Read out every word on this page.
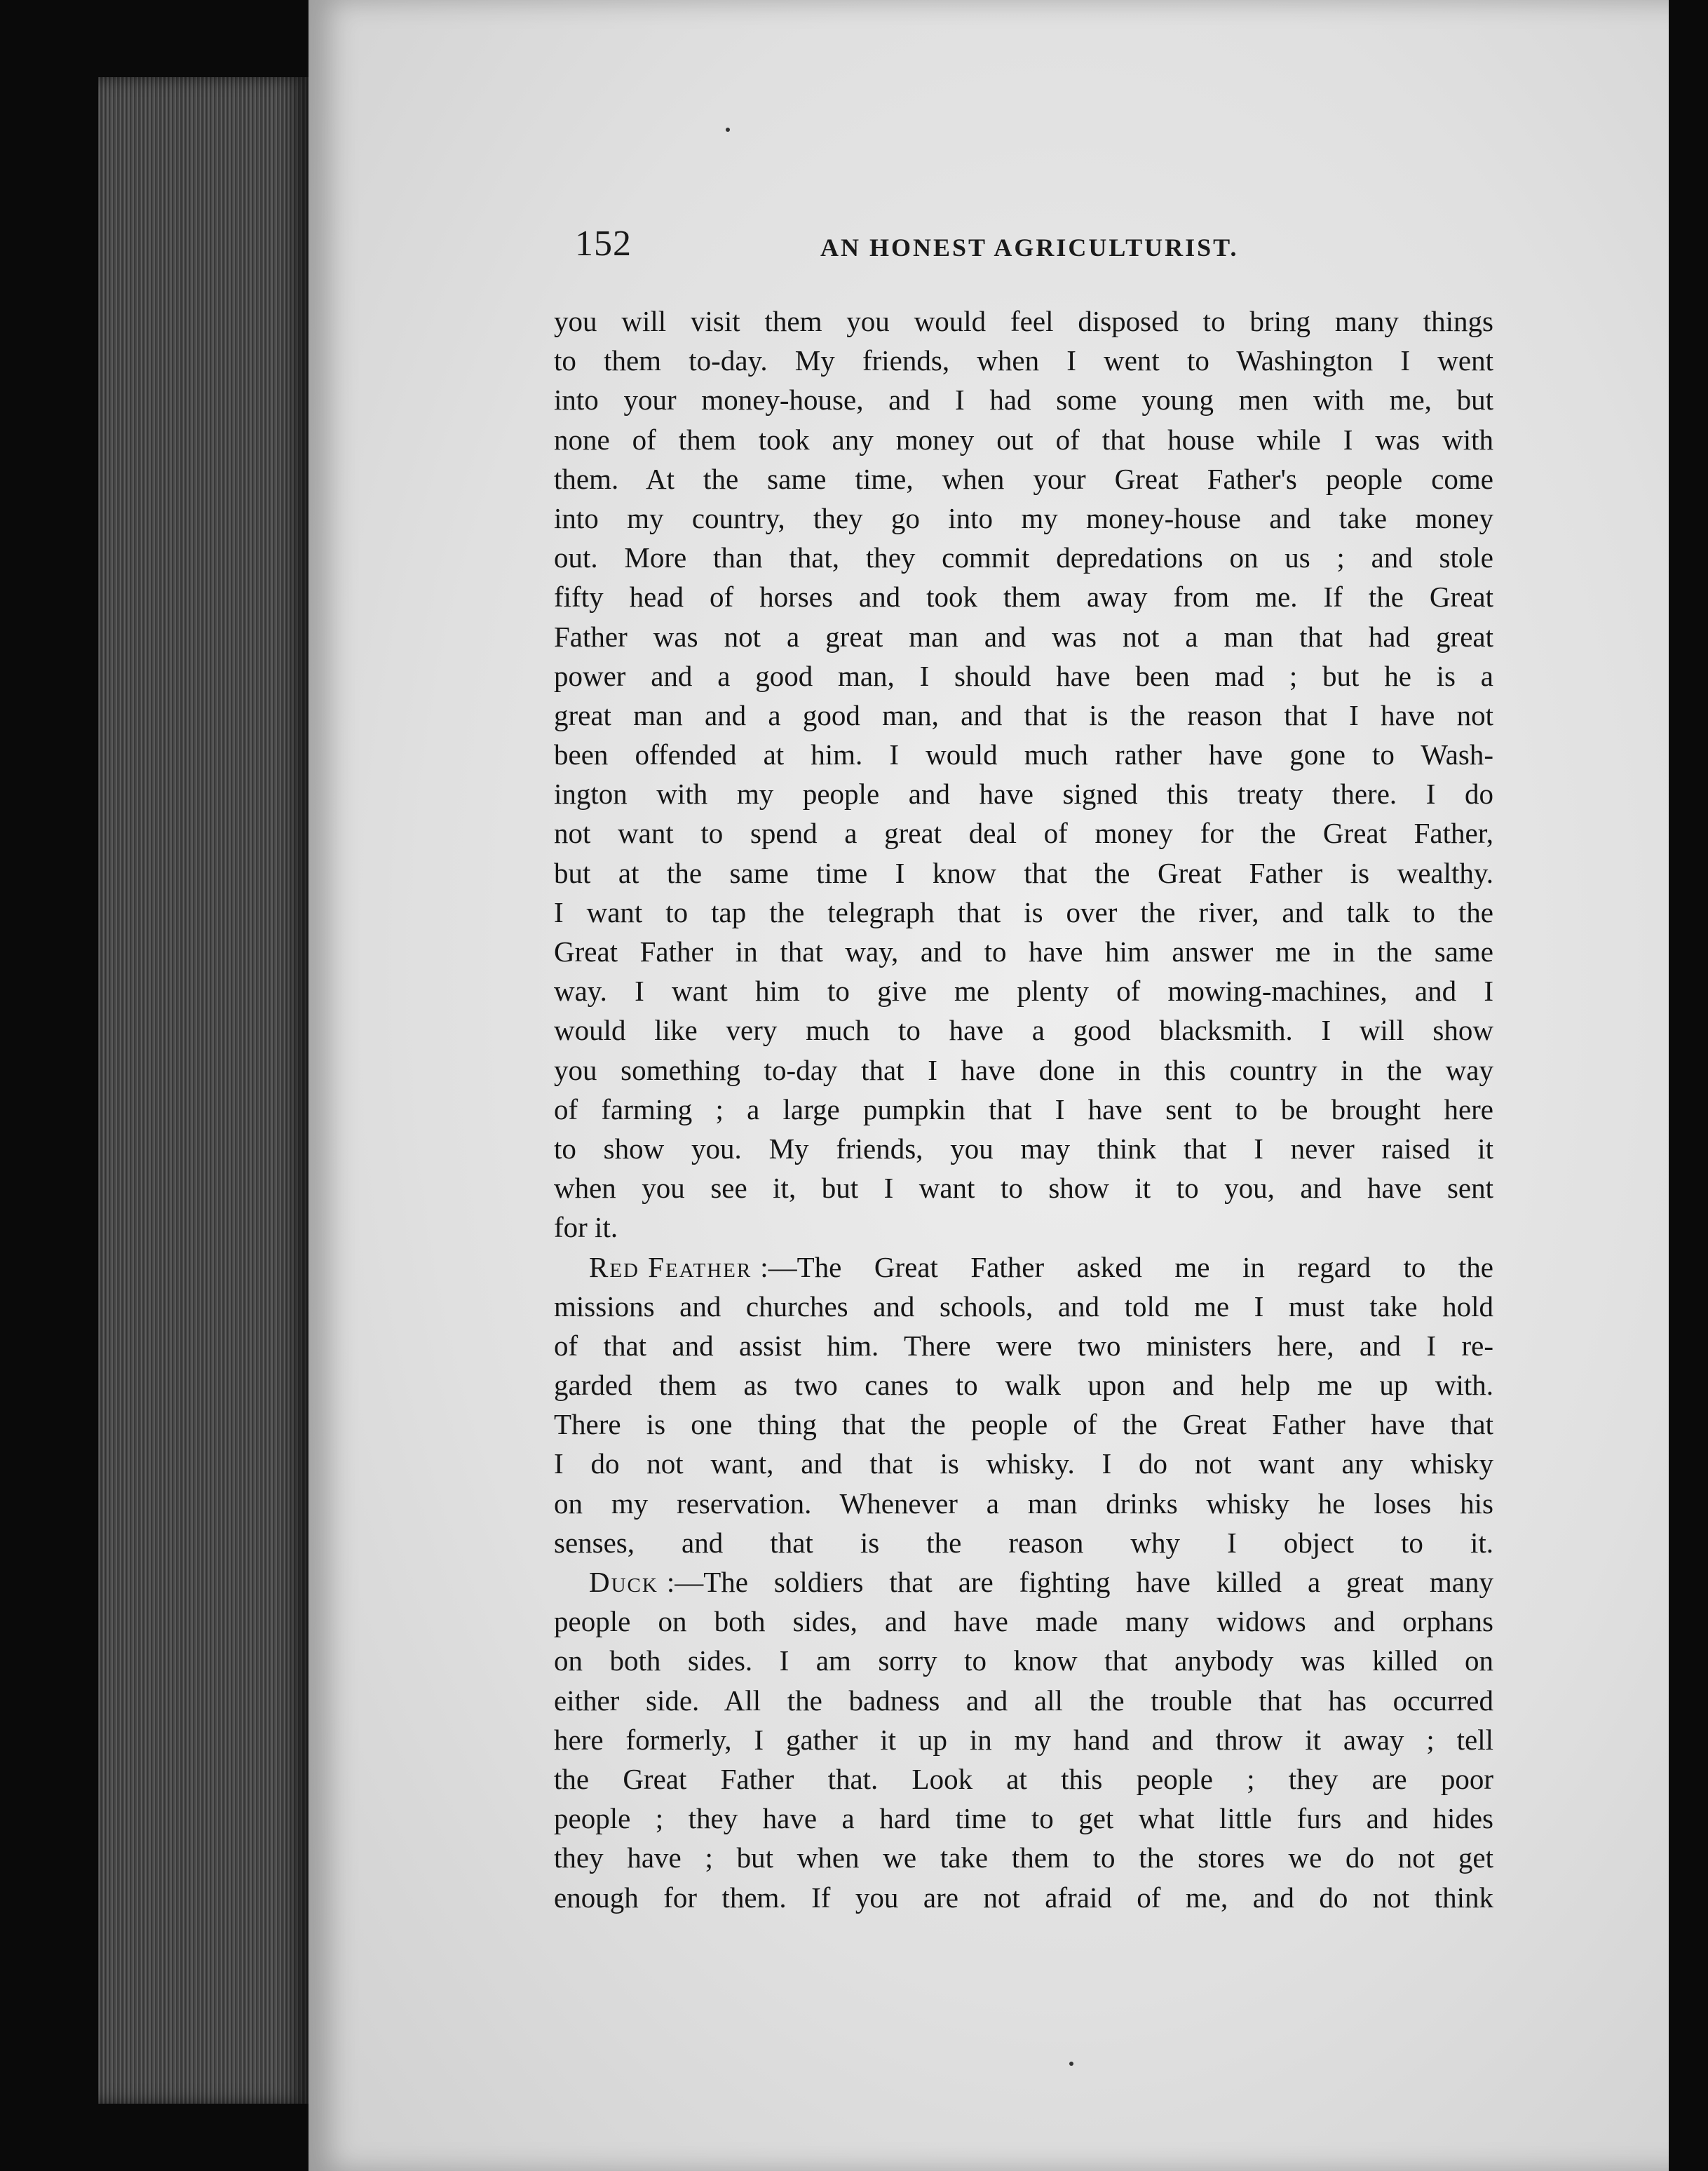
152	AN HONEST AGRICULTURIST.
you will visit them you would feel disposed to bring many things
to them to-day. My friends, when I went to Washington I went
into your money-house, and I had some young men with me, but
none of them took any money out of that house while I was with
them. At the same time, when your Great Father's people come
into my country, they go into my money-house and take money
out. More than that, they commit depredations on us ; and stole
fifty head of horses and took them away from me. If the Great
Father was not a great man and was not a man that had great
power and a good man, I should have been mad ; but he is a
great man and a good man, and that is the reason that I have not
been offended at him. I would much rather have gone to Wash-
ington with my people and have signed this treaty there. I do
not want to spend a great deal of money for the Great Father,
but at the same time I know that the Great Father is wealthy.
I want to tap the telegraph that is over the river, and talk to the
Great Father in that way, and to have him answer me in the same
way. I want him to give me plenty of mowing-machines, and I
would like very much to have a good blacksmith. I will show
you something to-day that I have done in this country in the way
of farming ; a large pumpkin that I have sent to be brought here
to show you. My friends, you may think that I never raised it
when you see it, but I want to show it to you, and have sent
for it.
Red Feather :—The Great Father asked me in regard to the
missions and churches and schools, and told me I must take hold
of that and assist him. There were two ministers here, and I re-
garded them as two canes to walk upon and help me up with.
There is one thing that the people of the Great Father have that
I do not want, and that is whisky. I do not want any whisky
on my reservation. Whenever a man drinks whisky he loses his
senses, and that is the reason why I object to it.
Duck :—The soldiers that are fighting have killed a great many
people on both sides, and have made many widows and orphans
on both sides. I am sorry to know that anybody was killed on
either side. All the badness and all the trouble that has occurred
here formerly, I gather it up in my hand and throw it away ; tell
the Great Father that. Look at this people ; they are poor
people ; they have a hard time to get what little furs and hides
they have ; but when we take them to the stores we do not get
enough for them. If you are not afraid of me, and do not think
